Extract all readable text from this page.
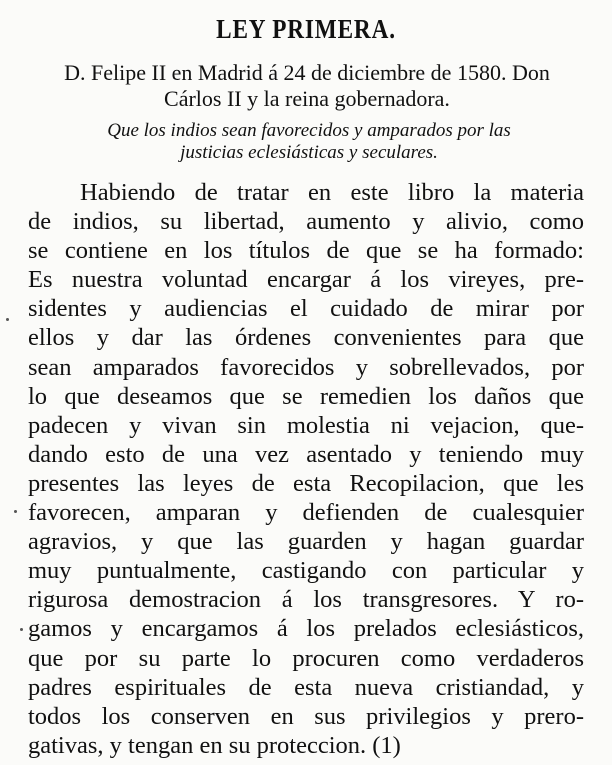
LEY PRIMERA.
D. Felipe II en Madrid á 24 de diciembre de 1580. Don
Cárlos II y la reina gobernadora.
Que los indios sean favorecidos y amparados por las
justicias eclesiásticas y seculares.
Habiendo de tratar en este libro la materia
de indios, su libertad, aumento y alivio, como
se contiene en los títulos de que se ha formado:
Es nuestra voluntad encargar á los vireyes, pre-
sidentes y audiencias el cuidado de mirar por
ellos y dar las órdenes convenientes para que
sean amparados favorecidos y sobrellevados, por
lo que deseamos que se remedien los daños que
padecen y vivan sin molestia ni vejacion, que-
dando esto de una vez asentado y teniendo muy
presentes las leyes de esta Recopilacion, que les
favorecen, amparan y defienden de cualesquier
agravios, y que las guarden y hagan guardar
muy puntualmente, castigando con particular y
rigurosa demostracion á los transgresores. Y ro-
gamos y encargamos á los prelados eclesiásticos,
que por su parte lo procuren como verdaderos
padres espirituales de esta nueva cristiandad, y
todos los conserven en sus privilegios y prero-
gativas, y tengan en su proteccion. (1)
